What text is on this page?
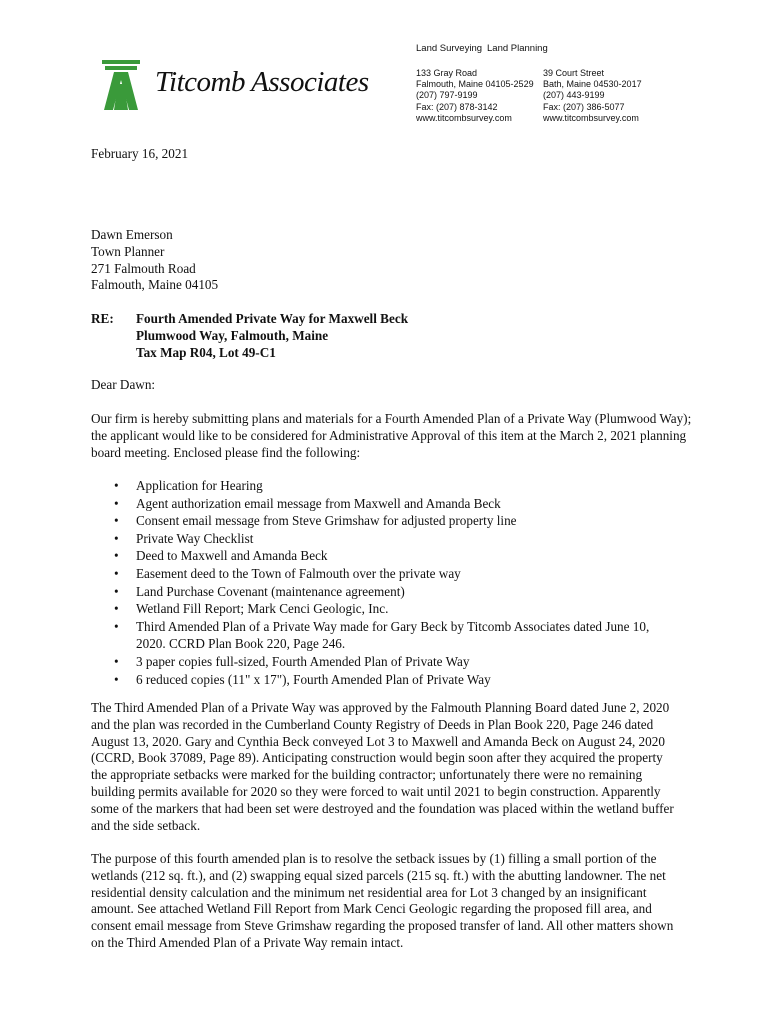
Titcomb Associates
Land Surveying Land Planning
133 Gray Road
Falmouth, Maine 04105-2529
(207) 797-9199
Fax: (207) 878-3142
www.titcombsurvey.com
39 Court Street
Bath, Maine 04530-2017
(207) 443-9199
Fax: (207) 386-5077
www.titcombsurvey.com
February 16, 2021
Dawn Emerson
Town Planner
271 Falmouth Road
Falmouth, Maine 04105
RE: Fourth Amended Private Way for Maxwell Beck
Plumwood Way, Falmouth, Maine
Tax Map R04, Lot 49-C1
Dear Dawn:
Our firm is hereby submitting plans and materials for a Fourth Amended Plan of a Private Way (Plumwood Way);
the applicant would like to be considered for Administrative Approval of this item at the March 2, 2021 planning
board meeting. Enclosed please find the following:
• Application for Hearing
• Agent authorization email message from Maxwell and Amanda Beck
• Consent email message from Steve Grimshaw for adjusted property line
• Private Way Checklist
• Deed to Maxwell and Amanda Beck
• Easement deed to the Town of Falmouth over the private way
• Land Purchase Covenant (maintenance agreement)
• Wetland Fill Report; Mark Cenci Geologic, Inc.
• Third Amended Plan of a Private Way made for Gary Beck by Titcomb Associates dated June 10,
2020. CCRD Plan Book 220, Page 246.
• 3 paper copies full-sized, Fourth Amended Plan of Private Way
• 6 reduced copies (11" x 17"), Fourth Amended Plan of Private Way
The Third Amended Plan of a Private Way was approved by the Falmouth Planning Board dated June 2, 2020
and the plan was recorded in the Cumberland County Registry of Deeds in Plan Book 220, Page 246 dated
August 13, 2020. Gary and Cynthia Beck conveyed Lot 3 to Maxwell and Amanda Beck on August 24, 2020
(CCRD, Book 37089, Page 89). Anticipating construction would begin soon after they acquired the property
the appropriate setbacks were marked for the building contractor; unfortunately there were no remaining
building permits available for 2020 so they were forced to wait until 2021 to begin construction. Apparently
some of the markers that had been set were destroyed and the foundation was placed within the wetland buffer
and the side setback.
The purpose of this fourth amended plan is to resolve the setback issues by (1) filling a small portion of the
wetlands (212 sq. ft.), and (2) swapping equal sized parcels (215 sq. ft.) with the abutting landowner. The net
residential density calculation and the minimum net residential area for Lot 3 changed by an insignificant
amount. See attached Wetland Fill Report from Mark Cenci Geologic regarding the proposed fill area, and
consent email message from Steve Grimshaw regarding the proposed transfer of land. All other matters shown
on the Third Amended Plan of a Private Way remain intact.
